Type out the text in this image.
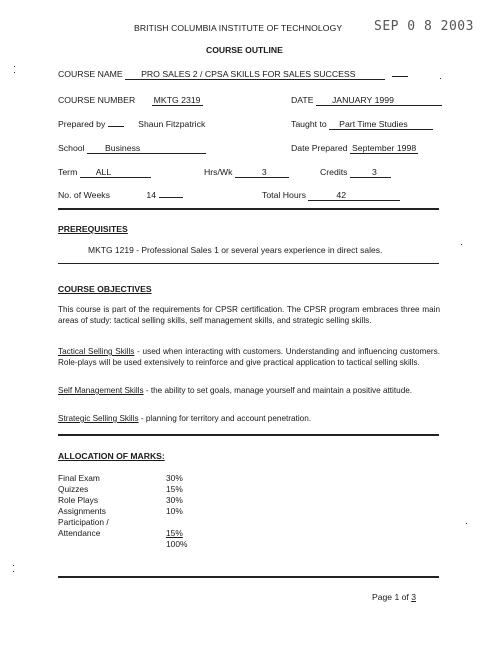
BRITISH COLUMBIA INSTITUTE OF TECHNOLOGY SEP 0 8 2003
COURSE OUTLINE
COURSE NAME PRO SALES 2 / CPSA SKILLS FOR SALES SUCCESS
COURSE NUMBER MKTG 2319	DATE JANUARY 1999
Prepared by	Shaun Fitzpatrick	Taught to Part Time Studies
School Business	Date Prepared September 1998
Term ALL	Hrs/Wk	3	Credits	3
No. of Weeks	14	Total Hours	42
PREREQUISITES
MKTG 1219 - Professional Sales 1 or several years experience in direct sales.
COURSE OBJECTIVES
This course is part of the requirements for CPSR certification. The CPSR program embraces three main areas of study: tactical selling skills, self management skills, and strategic selling skills.
Tactical Selling Skills - used when interacting with customers. Understanding and influencing customers. Role-plays will be used extensively to reinforce and give practical application to tactical selling skills.
Self Management Skills - the ability to set goals, manage yourself and maintain a positive attitude.
Strategic Selling Skills - planning for territory and account penetration.
ALLOCATION OF MARKS:
Final Exam	30%
Quizzes	15%
Role Plays	30%
Assignments	10%
Participation /
Attendance	15%
100%
Page 1 of 3
